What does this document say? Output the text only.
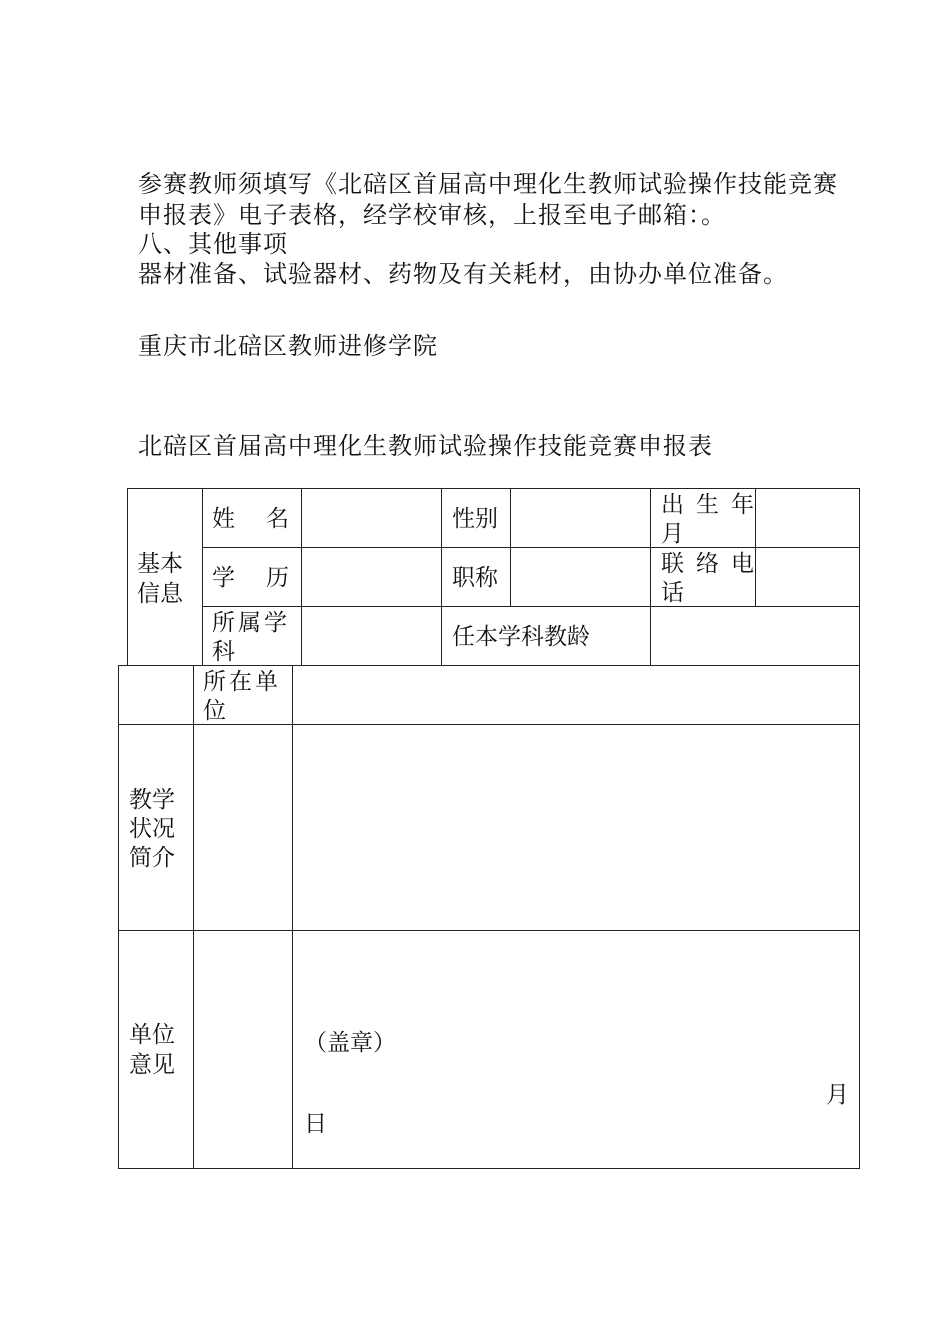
参赛教师须填写《北碚区首届高中理化生教师试验操作技能竞赛
申报表》电子表格，经学校审核，上报至电子邮箱：。
八、其他事项
器材准备、试验器材、药物及有关耗材，由协办单位准备。
重庆市北碚区教师进修学院
北碚区首届高中理化生教师试验操作技能竞赛申报表
基本
信息
姓　名	性别
出生年
月
学　历	职称
联络电
话
所属学
科
任本学科教龄
所在单
位
教学
状况
简介
单位
意见
（盖章）
月
日
